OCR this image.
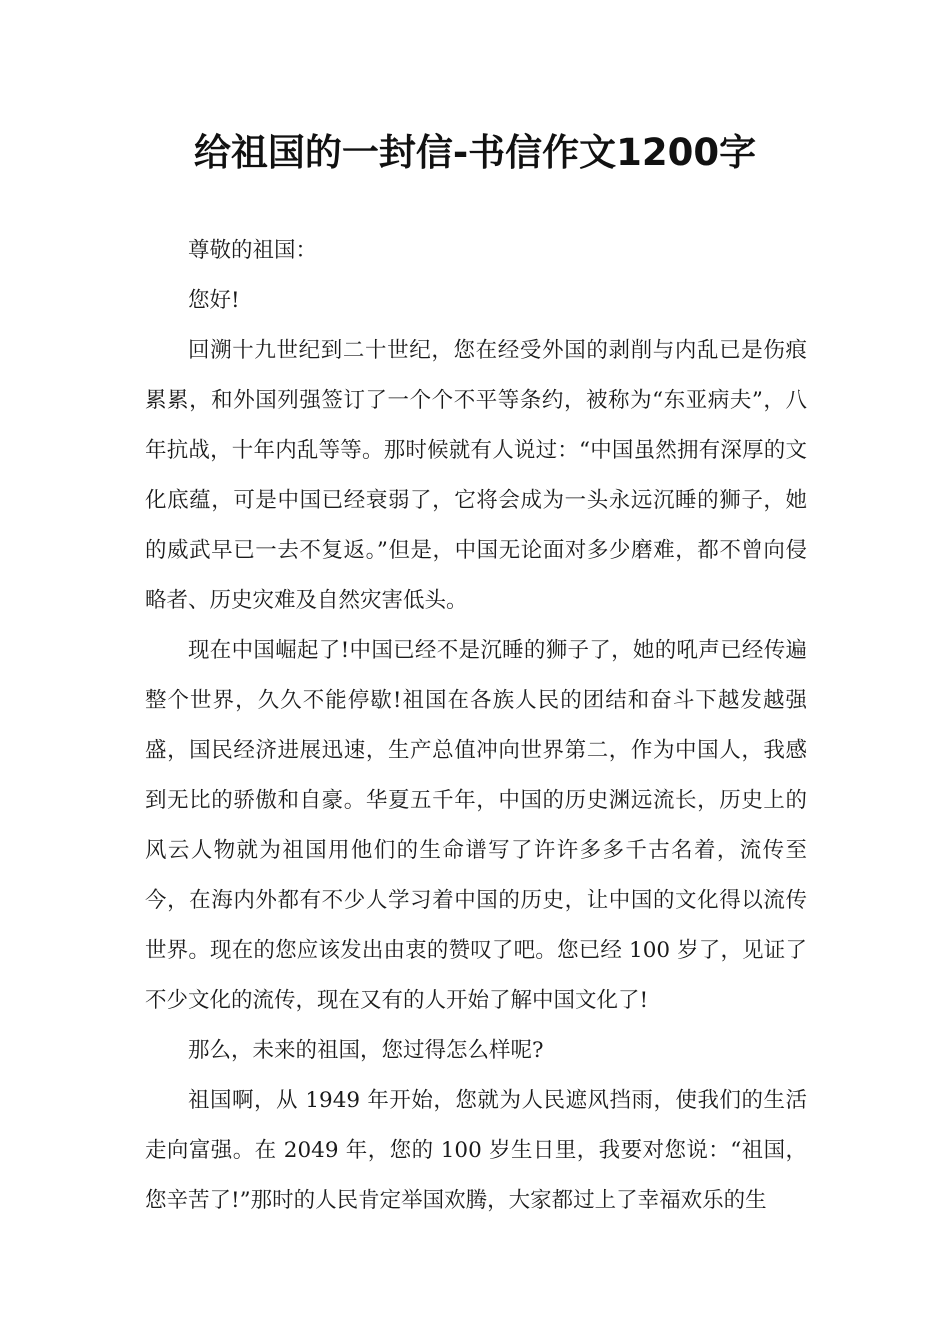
给祖国的一封信-书信作文1200字

尊敬的祖国：

您好!

回溯十九世纪到二十世纪，您在经受外国的剥削与内乱已是伤痕累累，和外国列强签订了一个个不平等条约，被称为“东亚病夫”，八年抗战，十年内乱等等。那时候就有人说过：“中国虽然拥有深厚的文化底蕴，可是中国已经衰弱了，它将会成为一头永远沉睡的狮子，她的威武早已一去不复返。”但是，中国无论面对多少磨难，都不曾向侵略者、历史灾难及自然灾害低头。

现在中国崛起了!中国已经不是沉睡的狮子了，她的吼声已经传遍整个世界，久久不能停歇!祖国在各族人民的团结和奋斗下越发越强盛，国民经济进展迅速，生产总值冲向世界第二，作为中国人，我感到无比的骄傲和自豪。华夏五千年，中国的历史渊远流长，历史上的风云人物就为祖国用他们的生命谱写了许许多多千古名着，流传至今，在海内外都有不少人学习着中国的历史，让中国的文化得以流传世界。现在的您应该发出由衷的赞叹了吧。您已经 100 岁了，见证了不少文化的流传，现在又有的人开始了解中国文化了!

那么，未来的祖国，您过得怎么样呢?

祖国啊，从 1949 年开始，您就为人民遮风挡雨，使我们的生活走向富强。在 2049 年，您的 100 岁生日里，我要对您说：“祖国，您辛苦了!”那时的人民肯定举国欢腾，大家都过上了幸福欢乐的生
